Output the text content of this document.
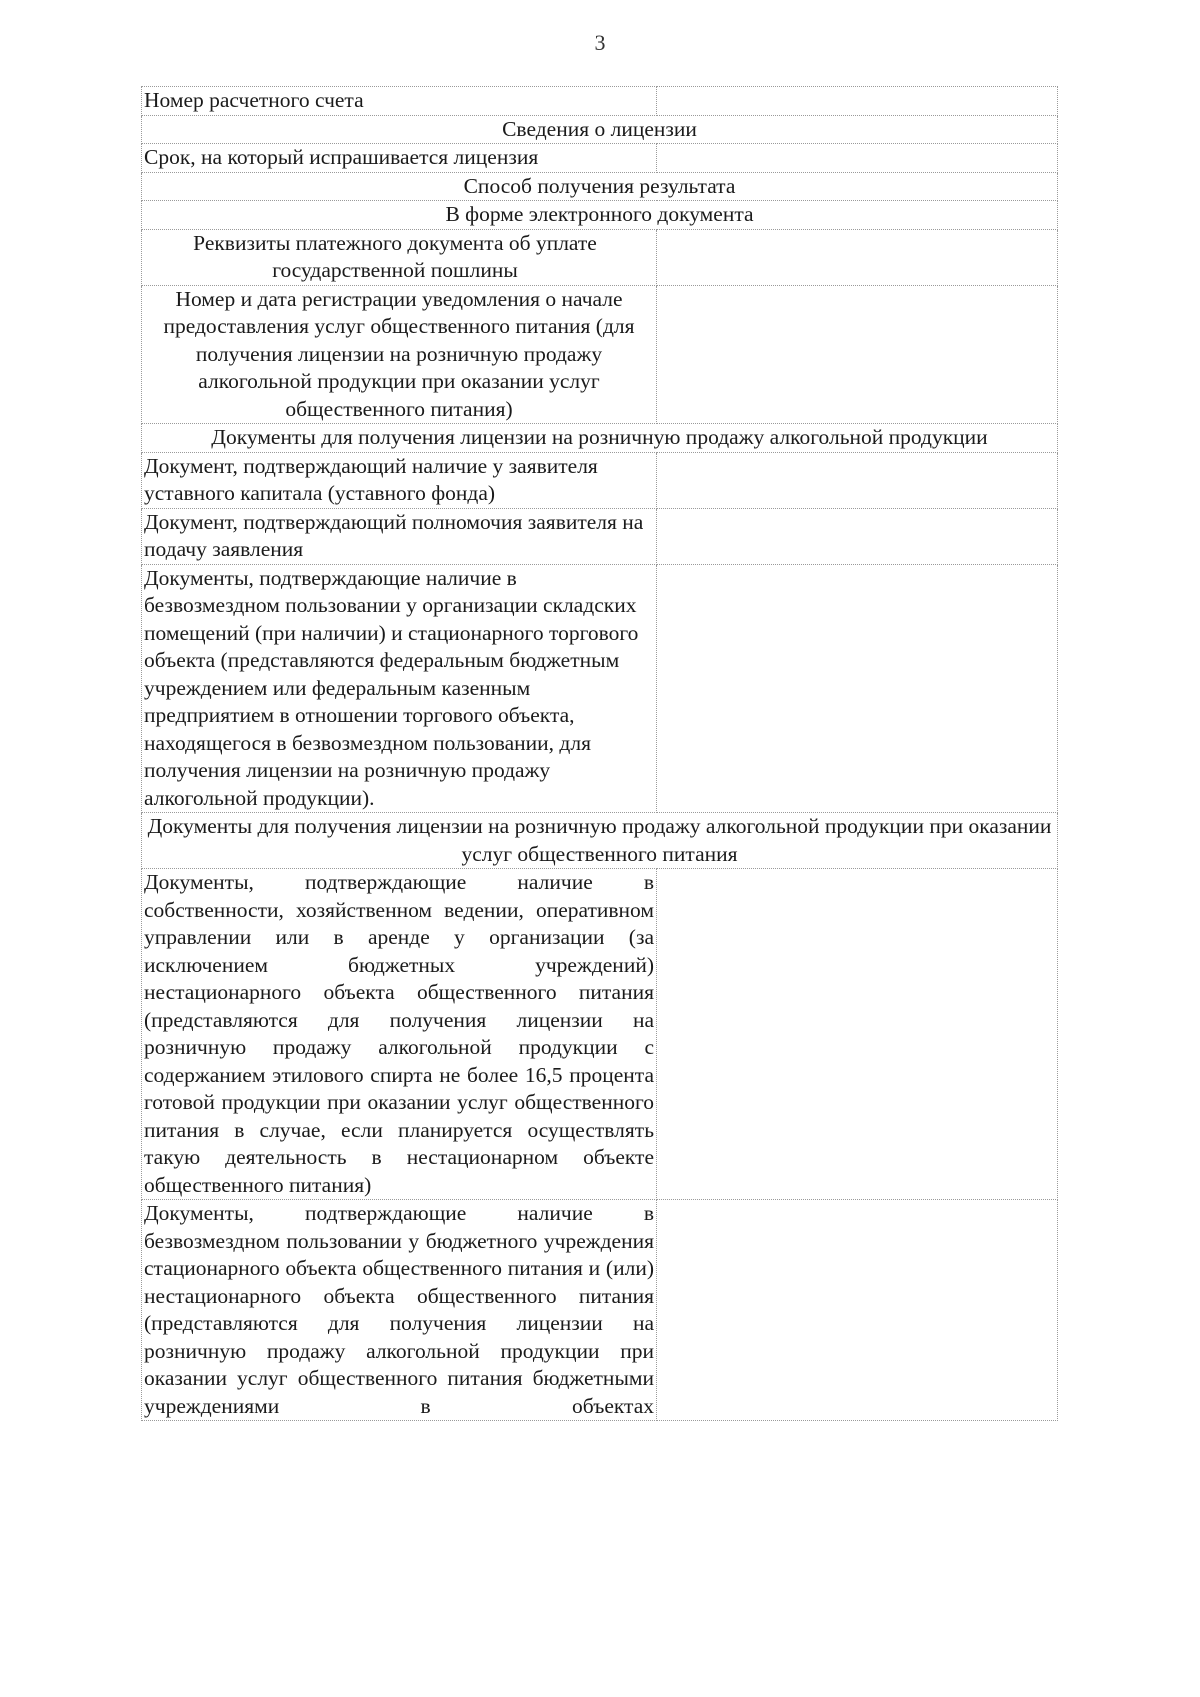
3
Номер расчетного счета	
Сведения о лицензии	
Срок, на который испрашивается лицензия	
Способ получения результата	
В форме электронного документа	
Реквизиты платежного документа об уплате государственной пошлины	
Номер и дата регистрации уведомления о начале предоставления услуг общественного питания (для получения лицензии на розничную продажу алкогольной продукции при оказании услуг общественного питания)	
Документы для получения лицензии на розничную продажу алкогольной продукции	
Документ, подтверждающий наличие у заявителя уставного капитала (уставного фонда)	
Документ, подтверждающий полномочия заявителя на подачу заявления	
Документы, подтверждающие наличие в безвозмездном пользовании у организации складских помещений (при наличии) и стационарного торгового объекта (представляются федеральным бюджетным учреждением или федеральным казенным предприятием в отношении торгового объекта, находящегося в безвозмездном пользовании, для получения лицензии на розничную продажу алкогольной продукции).	
Документы для получения лицензии на розничную продажу алкогольной продукции при оказании услуг общественного питания	
Документы, подтверждающие наличие в собственности, хозяйственном ведении, оперативном управлении или в аренде у организации (за исключением бюджетных учреждений) нестационарного объекта общественного питания (представляются для получения лицензии на розничную продажу алкогольной продукции с содержанием этилового спирта не более 16,5 процента готовой продукции при оказании услуг общественного питания в случае, если планируется осуществлять такую деятельность в нестационарном объекте общественного питания)	
Документы, подтверждающие наличие в безвозмездном пользовании у бюджетного учреждения стационарного объекта общественного питания и (или) нестационарного объекта общественного питания (представляются для получения лицензии на розничную продажу алкогольной продукции при оказании услуг общественного питания бюджетными учреждениями в объектах	
